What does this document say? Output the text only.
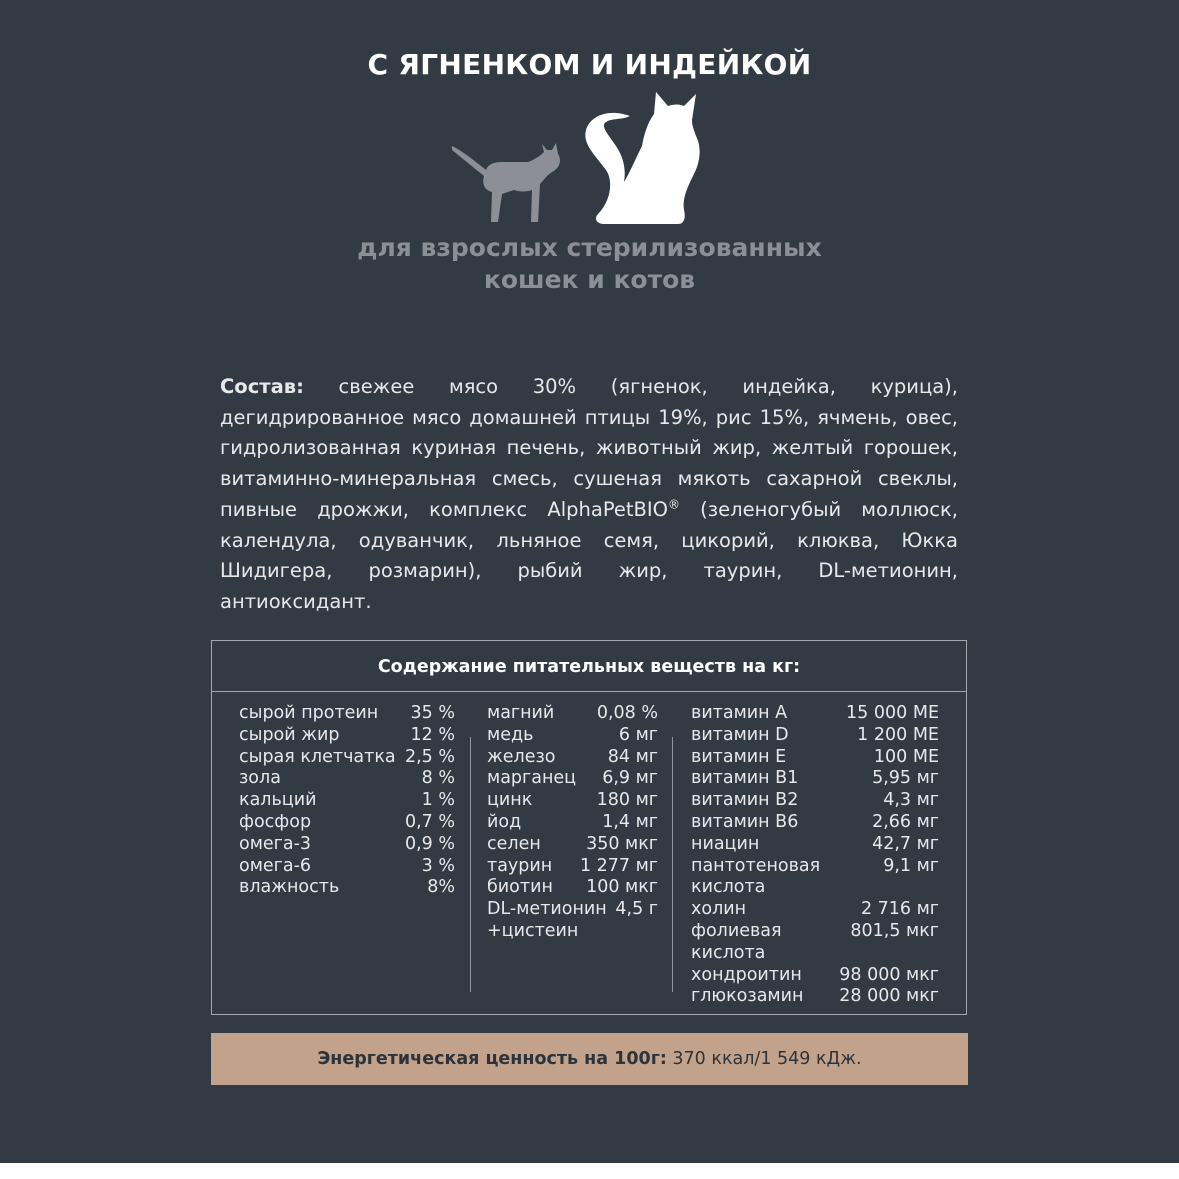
С ЯГНЕНКОМ И ИНДЕЙКОЙ
для взрослых стерилизованных
кошек и котов
Состав: свежее мясо 30% (ягненок, индейка, курица), дегидрированное мясо домашней птицы 19%, рис 15%, ячмень, овес, гидролизованная куриная печень, животный жир, желтый горошек, витаминно-минеральная смесь, сушеная мякоть сахарной свеклы, пивные дрожжи, комплекс AlphaPetBIO® (зеленогубый моллюск, календула, одуванчик, льняное семя, цикорий, клюква, Юкка Шидигера, розмарин), рыбий жир, таурин, DL-метионин, антиоксидант.
Содержание питательных веществ на кг:
сырой протеин 35 %
сырой жир	12 %
сырая клетчатка 2,5 %
зола	8 %
кальций	1 %
фосфор	0,7 %
омега-3	0,9 %
омега-6	3 %
влажность	8%
магний 0,08 %
медь	6 мг
железо	84 мг
марганец 6,9 мг
цинк	180 мг
йод	1,4 мг
селен	350 мкг
таурин 1 277 мг
биотин 100 мкг
DL-метионин 4,5 г
+цистеин
витамин А	15 000 МЕ
витамин D	1 200 МЕ
витамин Е	100 МЕ
витамин B1	5,95 мг
витамин B2	4,3 мг
витамин B6	2,66 мг
ниацин	42,7 мг
пантотеновая	9,1 мг
кислота
холин	2 716 мг
фолиевая	801,5 мкг
кислота
хондроитин 98 000 мкг
глюкозамин 28 000 мкг
Энергетическая ценность на 100г: 370 ккал/1 549 кДж.
